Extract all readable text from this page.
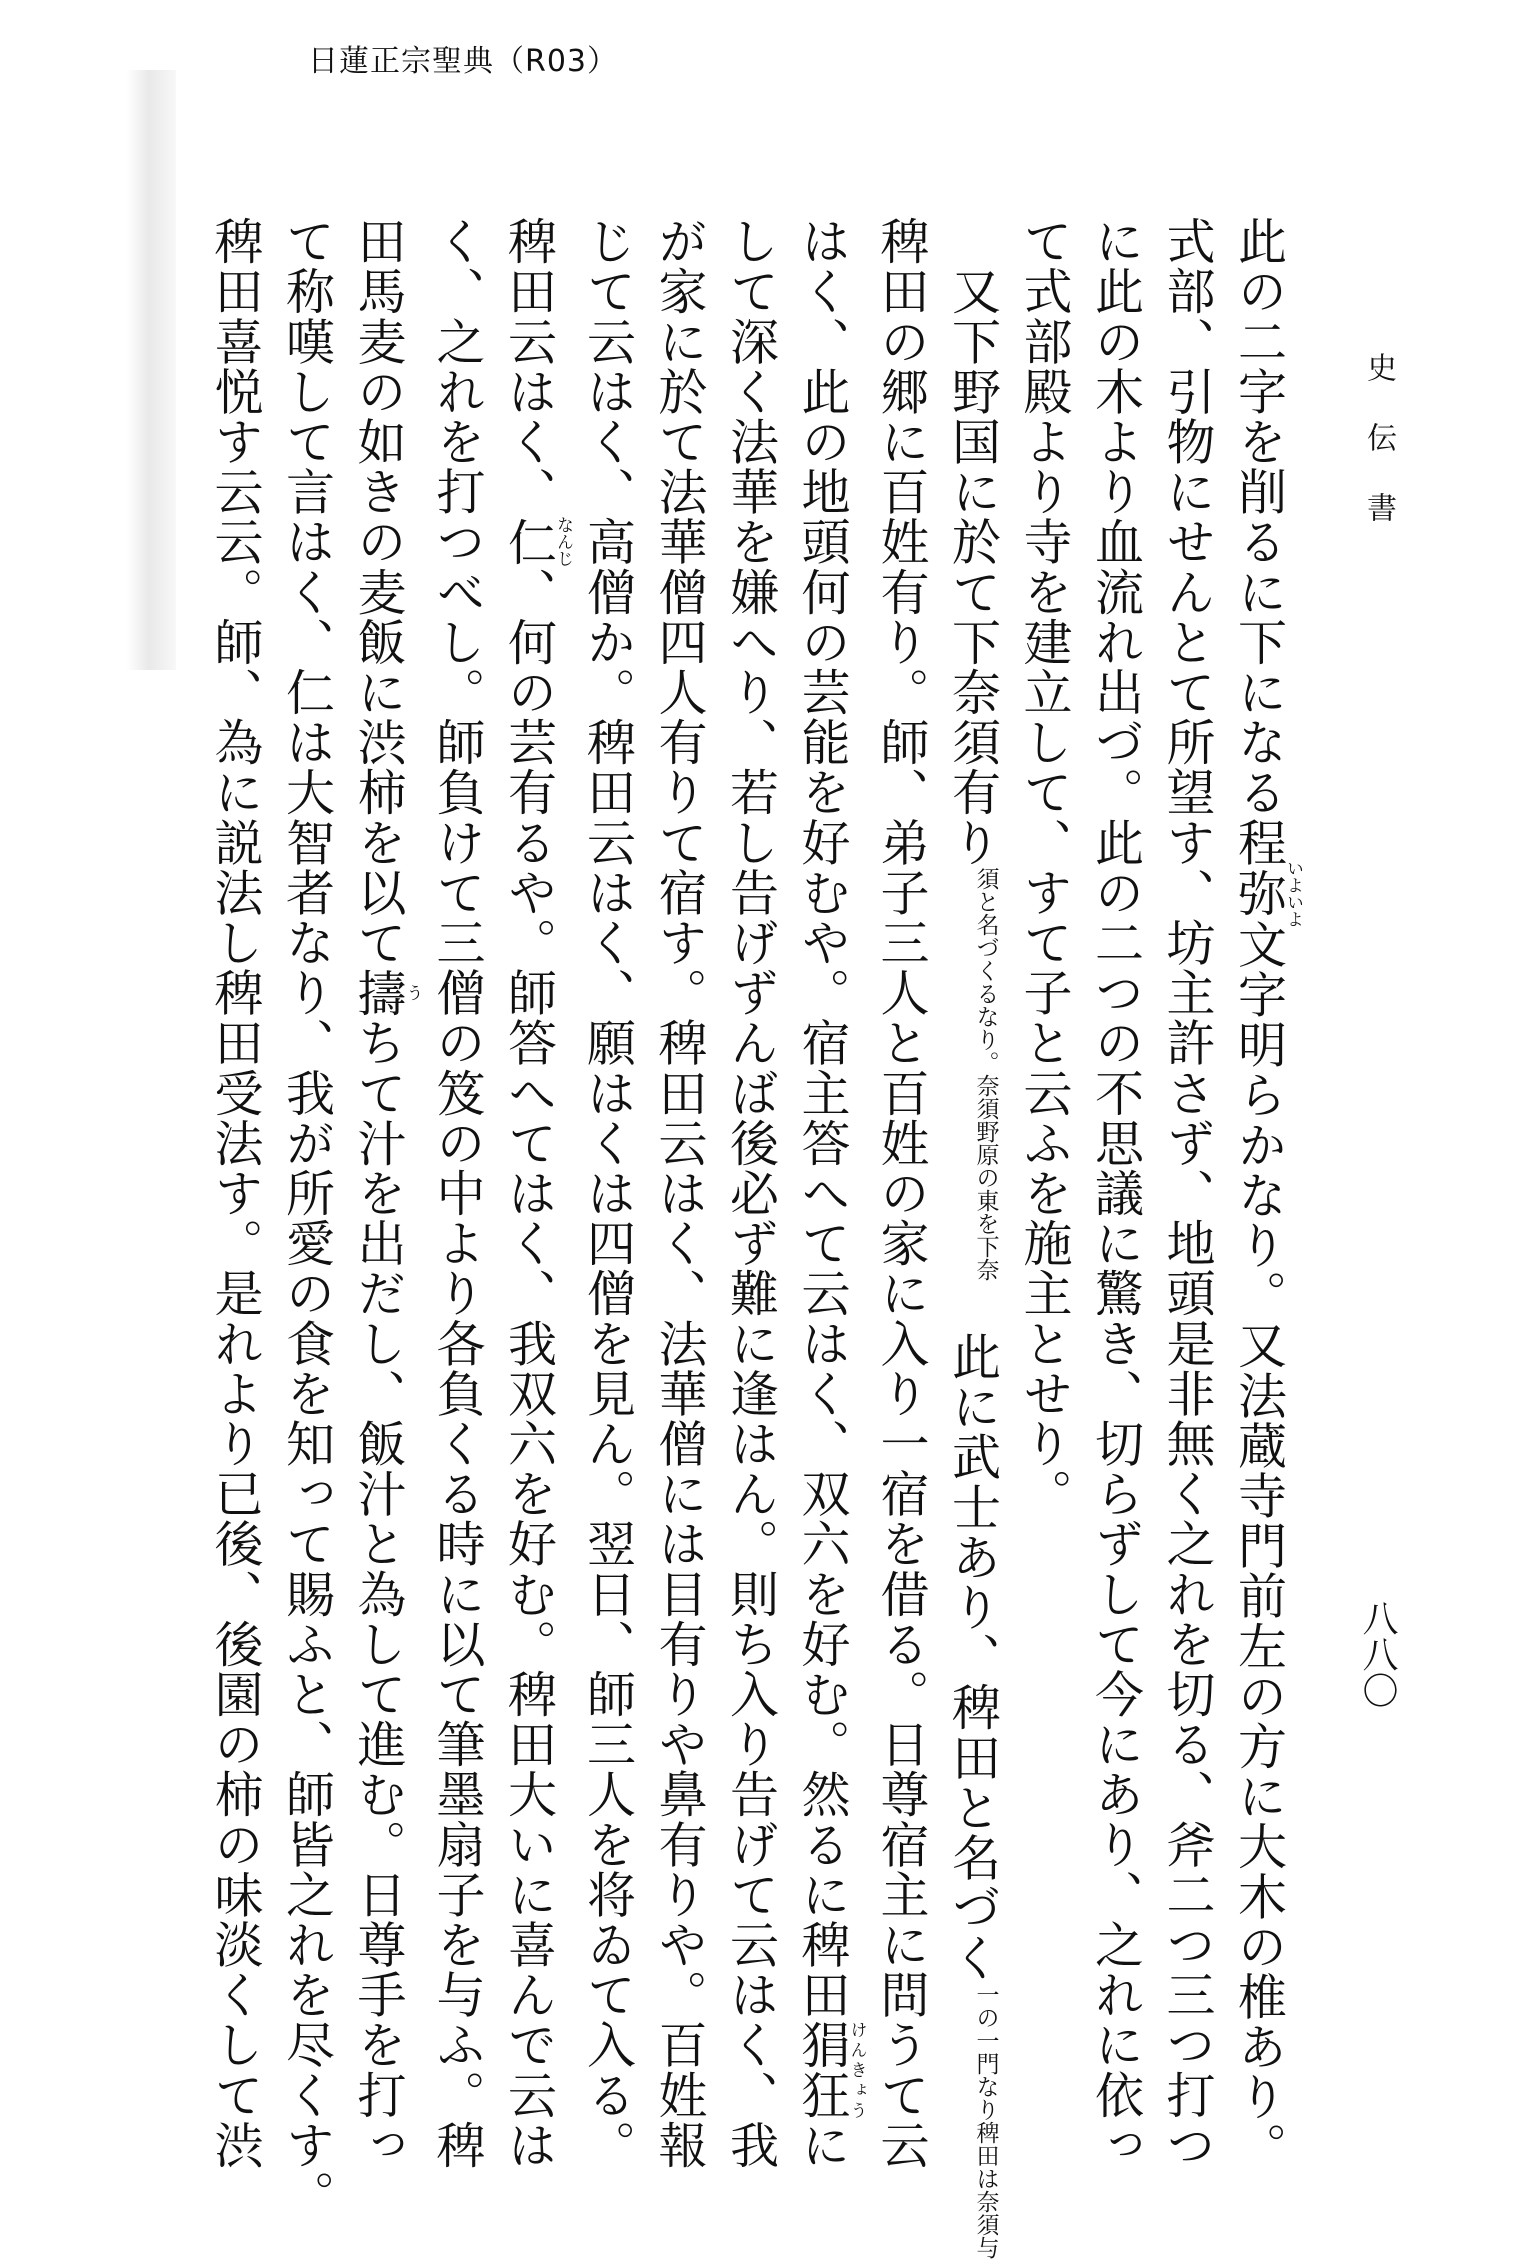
日蓮正宗聖典（R03）
史伝書
八八〇
此の二字を削るに下になる程弥いよいよ文字明らかなり。又法蔵寺門前左の方に大木の椎あり。
式部、引物にせんとて所望す、坊主許さず、地頭是非無く之れを切る、斧二つ三つ打つ
に此の木より血流れ出づ。此の二つの不思議に驚き、切らずして今にあり、之れに依っ
て式部殿より寺を建立して、すて子と云ふを施主とせり。
　又下野国に於て下奈須有り
奈須野原の東を下奈
須と名づくるなり。
　此に武士あり、稗田と名づく
稗田は奈須与
一の一門なり
稗田の郷に百姓有り。師、弟子三人と百姓の家に入り一宿を借る。日尊宿主に問うて云
はく、此の地頭何の芸能を好むや。宿主答へて云はく、双六を好む。然るに稗田狷狂けんきょうに
して深く法華を嫌へり、若し告げずんば後必ず難に逢はん。則ち入り告げて云はく、我
が家に於て法華僧四人有りて宿す。稗田云はく、法華僧には目有りや鼻有りや。百姓報
じて云はく、高僧か。稗田云はく、願はくは四僧を見ん。翌日、師三人を将ゐて入る。
稗田云はく、仁なんじ、何の芸有るや。師答へてはく、我双六を好む。稗田大いに喜んで云は
く、之れを打つべし。師負けて三僧の笈の中より各負くる時に以て筆墨扇子を与ふ。稗
田馬麦の如きの麦飯に渋柿を以て擣うちて汁を出だし、飯汁と為して進む。日尊手を打っ
て称嘆して言はく、仁は大智者なり、我が所愛の食を知って賜ふと、師皆之れを尽くす。
稗田喜悦す云云。師、為に説法し稗田受法す。是れより已後、後園の柿の味淡くして渋
